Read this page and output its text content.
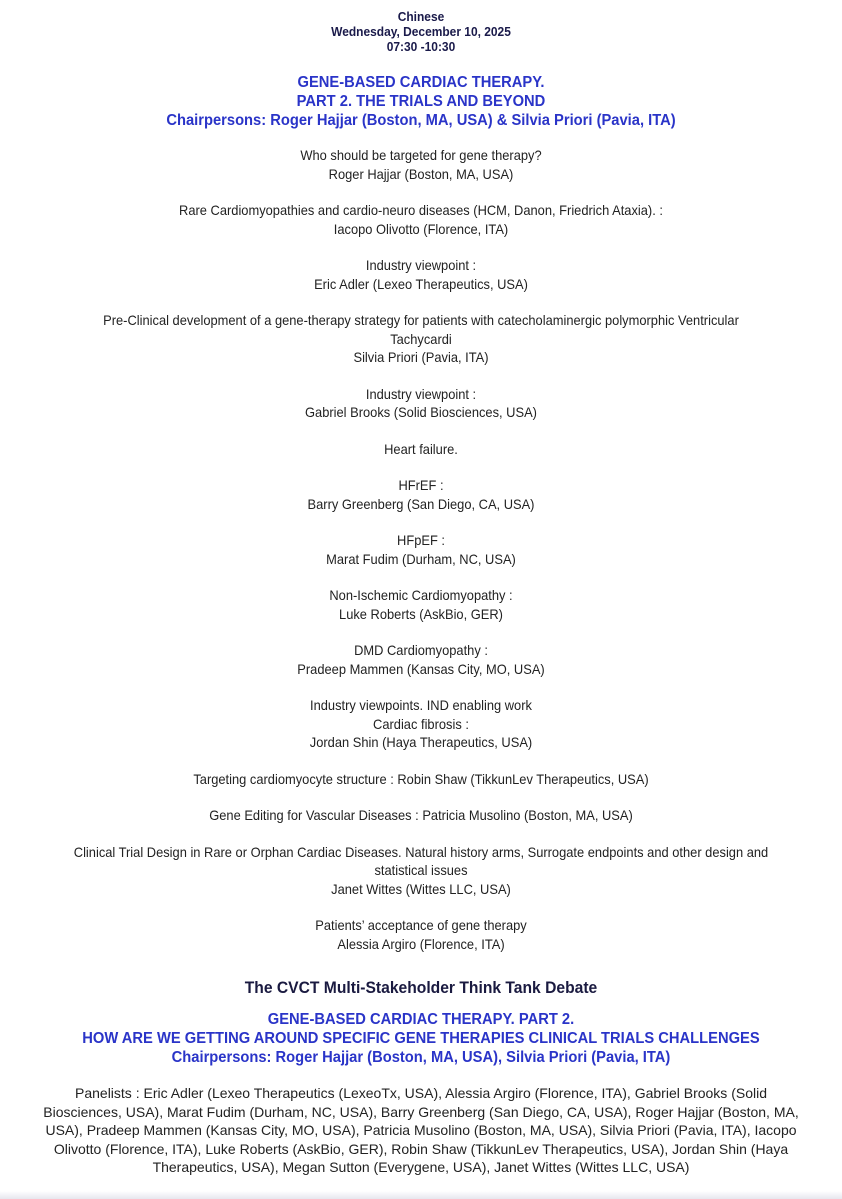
Chinese
Wednesday, December 10, 2025
07:30 -10:30
GENE-BASED CARDIAC THERAPY.
PART 2. THE TRIALS AND BEYOND
Chairpersons: Roger Hajjar (Boston, MA, USA) & Silvia Priori (Pavia, ITA)
Who should be targeted for gene therapy?
Roger Hajjar (Boston, MA, USA)
Rare Cardiomyopathies and cardio-neuro diseases (HCM, Danon, Friedrich Ataxia). :
Iacopo Olivotto (Florence, ITA)
Industry viewpoint :
Eric Adler (Lexeo Therapeutics, USA)
Pre-Clinical development of a gene-therapy strategy for patients with catecholaminergic polymorphic Ventricular
Tachycardi
Silvia Priori (Pavia, ITA)
Industry viewpoint :
Gabriel Brooks (Solid Biosciences, USA)
Heart failure.
HFrEF :
Barry Greenberg (San Diego, CA, USA)
HFpEF :
Marat Fudim (Durham, NC, USA)
Non-Ischemic Cardiomyopathy :
Luke Roberts (AskBio, GER)
DMD Cardiomyopathy :
Pradeep Mammen (Kansas City, MO, USA)
Industry viewpoints. IND enabling work
Cardiac fibrosis :
Jordan Shin (Haya Therapeutics, USA)
Targeting cardiomyocyte structure : Robin Shaw (TikkunLev Therapeutics, USA)
Gene Editing for Vascular Diseases : Patricia Musolino (Boston, MA, USA)
Clinical Trial Design in Rare or Orphan Cardiac Diseases. Natural history arms, Surrogate endpoints and other design and
statistical issues
Janet Wittes (Wittes LLC, USA)
Patients’ acceptance of gene therapy
Alessia Argiro (Florence, ITA)
The CVCT Multi-Stakeholder Think Tank Debate
GENE-BASED CARDIAC THERAPY. PART 2.
HOW ARE WE GETTING AROUND SPECIFIC GENE THERAPIES CLINICAL TRIALS CHALLENGES
Chairpersons: Roger Hajjar (Boston, MA, USA), Silvia Priori (Pavia, ITA)
Panelists : Eric Adler (Lexeo Therapeutics (LexeoTx, USA), Alessia Argiro (Florence, ITA), Gabriel Brooks (Solid Biosciences, USA), Marat Fudim (Durham, NC, USA), Barry Greenberg (San Diego, CA, USA), Roger Hajjar (Boston, MA, USA), Pradeep Mammen (Kansas City, MO, USA), Patricia Musolino (Boston, MA, USA), Silvia Priori (Pavia, ITA), Iacopo Olivotto (Florence, ITA), Luke Roberts (AskBio, GER), Robin Shaw (TikkunLev Therapeutics, USA), Jordan Shin (Haya Therapeutics, USA), Megan Sutton (Everygene, USA), Janet Wittes (Wittes LLC, USA)
